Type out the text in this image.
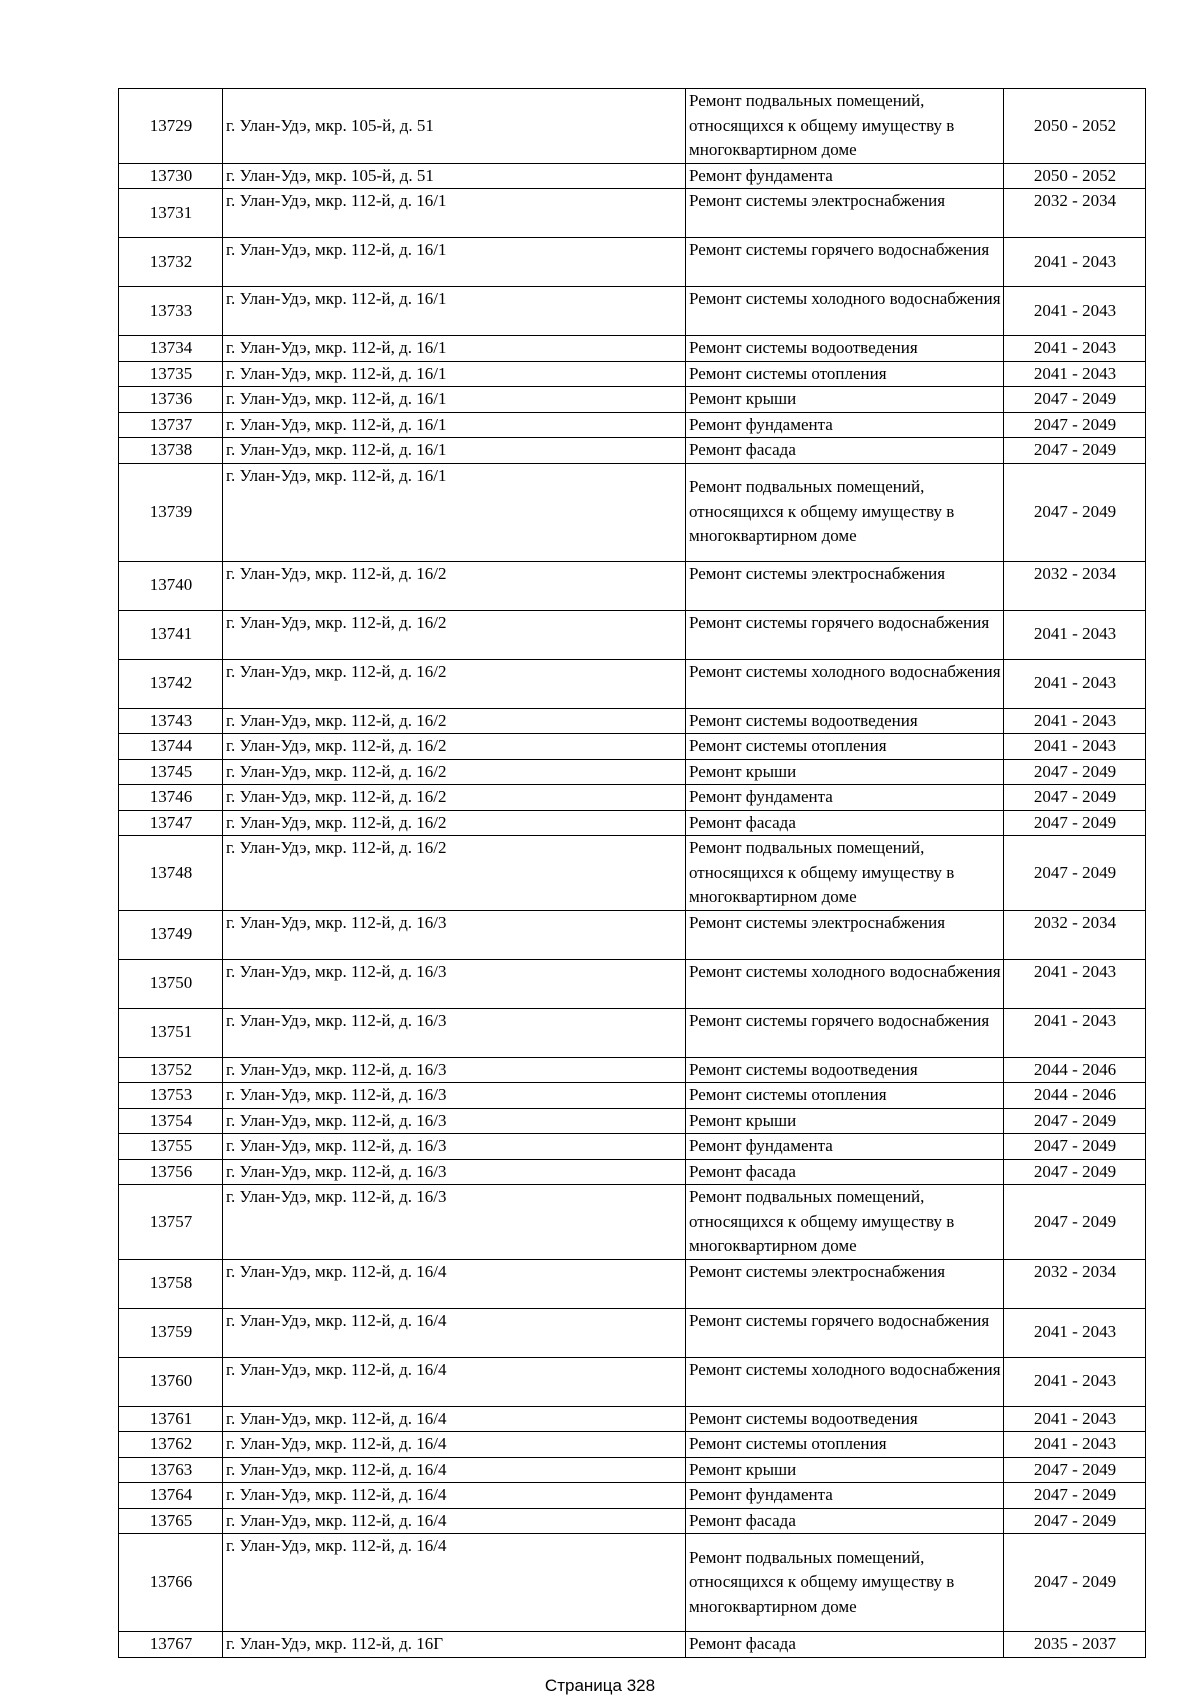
13729	г. Улан-Удэ, мкр. 105-й, д. 51	Ремонт подвальных помещений, относящихся к общему имуществу в многоквартирном доме	2050 - 2052
13730	г. Улан-Удэ, мкр. 105-й, д. 51	Ремонт фундамента	2050 - 2052
13731	г. Улан-Удэ, мкр. 112-й, д. 16/1	Ремонт системы электроснабжения	2032 - 2034
13732	г. Улан-Удэ, мкр. 112-й, д. 16/1	Ремонт системы горячего водоснабжения	2041 - 2043
13733	г. Улан-Удэ, мкр. 112-й, д. 16/1	Ремонт системы холодного водоснабжения	2041 - 2043
13734	г. Улан-Удэ, мкр. 112-й, д. 16/1	Ремонт системы водоотведения	2041 - 2043
13735	г. Улан-Удэ, мкр. 112-й, д. 16/1	Ремонт системы отопления	2041 - 2043
13736	г. Улан-Удэ, мкр. 112-й, д. 16/1	Ремонт крыши	2047 - 2049
13737	г. Улан-Удэ, мкр. 112-й, д. 16/1	Ремонт фундамента	2047 - 2049
13738	г. Улан-Удэ, мкр. 112-й, д. 16/1	Ремонт фасада	2047 - 2049
13739	г. Улан-Удэ, мкр. 112-й, д. 16/1	Ремонт подвальных помещений, относящихся к общему имуществу в многоквартирном доме	2047 - 2049
13740	г. Улан-Удэ, мкр. 112-й, д. 16/2	Ремонт системы электроснабжения	2032 - 2034
13741	г. Улан-Удэ, мкр. 112-й, д. 16/2	Ремонт системы горячего водоснабжения	2041 - 2043
13742	г. Улан-Удэ, мкр. 112-й, д. 16/2	Ремонт системы холодного водоснабжения	2041 - 2043
13743	г. Улан-Удэ, мкр. 112-й, д. 16/2	Ремонт системы водоотведения	2041 - 2043
13744	г. Улан-Удэ, мкр. 112-й, д. 16/2	Ремонт системы отопления	2041 - 2043
13745	г. Улан-Удэ, мкр. 112-й, д. 16/2	Ремонт крыши	2047 - 2049
13746	г. Улан-Удэ, мкр. 112-й, д. 16/2	Ремонт фундамента	2047 - 2049
13747	г. Улан-Удэ, мкр. 112-й, д. 16/2	Ремонт фасада	2047 - 2049
13748	г. Улан-Удэ, мкр. 112-й, д. 16/2	Ремонт подвальных помещений, относящихся к общему имуществу в многоквартирном доме	2047 - 2049
13749	г. Улан-Удэ, мкр. 112-й, д. 16/3	Ремонт системы электроснабжения	2032 - 2034
13750	г. Улан-Удэ, мкр. 112-й, д. 16/3	Ремонт системы холодного водоснабжения	2041 - 2043
13751	г. Улан-Удэ, мкр. 112-й, д. 16/3	Ремонт системы горячего водоснабжения	2041 - 2043
13752	г. Улан-Удэ, мкр. 112-й, д. 16/3	Ремонт системы водоотведения	2044 - 2046
13753	г. Улан-Удэ, мкр. 112-й, д. 16/3	Ремонт системы отопления	2044 - 2046
13754	г. Улан-Удэ, мкр. 112-й, д. 16/3	Ремонт крыши	2047 - 2049
13755	г. Улан-Удэ, мкр. 112-й, д. 16/3	Ремонт фундамента	2047 - 2049
13756	г. Улан-Удэ, мкр. 112-й, д. 16/3	Ремонт фасада	2047 - 2049
13757	г. Улан-Удэ, мкр. 112-й, д. 16/3	Ремонт подвальных помещений, относящихся к общему имуществу в многоквартирном доме	2047 - 2049
13758	г. Улан-Удэ, мкр. 112-й, д. 16/4	Ремонт системы электроснабжения	2032 - 2034
13759	г. Улан-Удэ, мкр. 112-й, д. 16/4	Ремонт системы горячего водоснабжения	2041 - 2043
13760	г. Улан-Удэ, мкр. 112-й, д. 16/4	Ремонт системы холодного водоснабжения	2041 - 2043
13761	г. Улан-Удэ, мкр. 112-й, д. 16/4	Ремонт системы водоотведения	2041 - 2043
13762	г. Улан-Удэ, мкр. 112-й, д. 16/4	Ремонт системы отопления	2041 - 2043
13763	г. Улан-Удэ, мкр. 112-й, д. 16/4	Ремонт крыши	2047 - 2049
13764	г. Улан-Удэ, мкр. 112-й, д. 16/4	Ремонт фундамента	2047 - 2049
13765	г. Улан-Удэ, мкр. 112-й, д. 16/4	Ремонт фасада	2047 - 2049
13766	г. Улан-Удэ, мкр. 112-й, д. 16/4	Ремонт подвальных помещений, относящихся к общему имуществу в многоквартирном доме	2047 - 2049
13767	г. Улан-Удэ, мкр. 112-й, д. 16Г	Ремонт фасада	2035 - 2037
Страница 328
